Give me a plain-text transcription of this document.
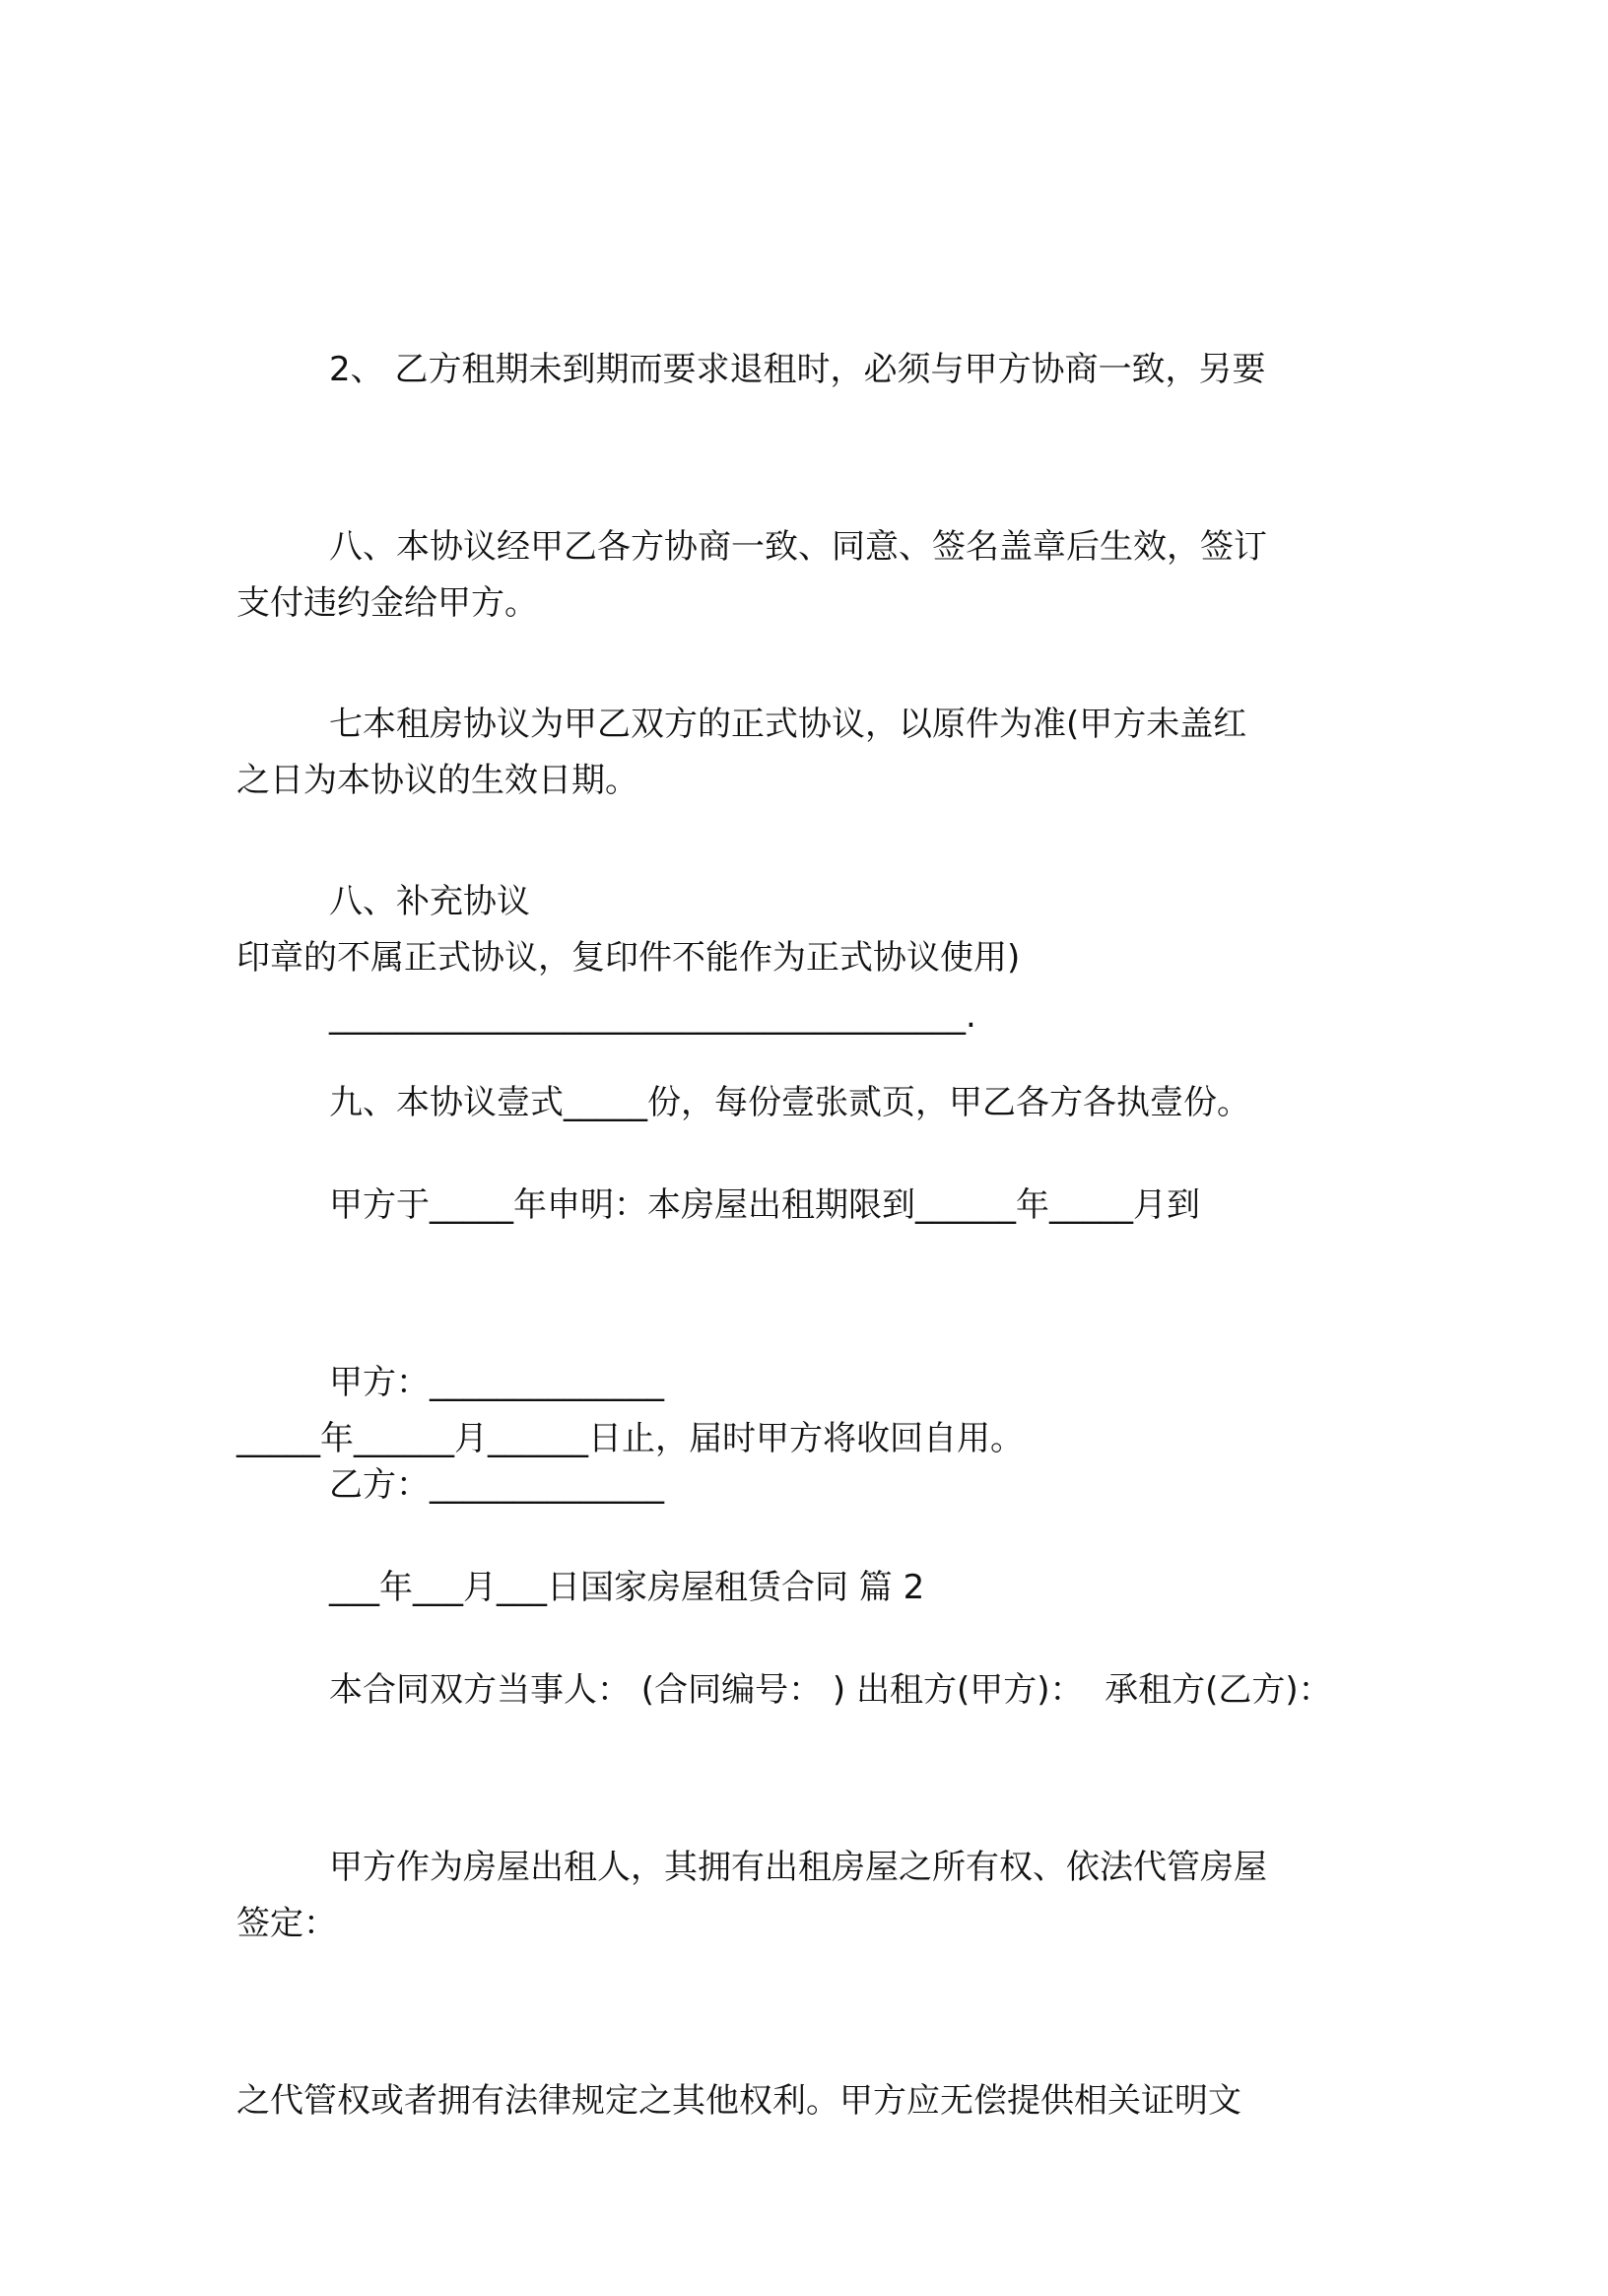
2、 乙方租期未到期而要求退租时，必须与甲方协商一致，另要

支付违约金给甲方。

八、本协议经甲乙各方协商一致、同意、签名盖章后生效，签订

之日为本协议的生效日期。

七本租房协议为甲乙双方的正式协议，以原件为准(甲方未盖红

印章的不属正式协议，复印件不能作为正式协议使用)

八、补充协议

______________________________________.

九、本协议壹式_____份，每份壹张贰页，甲乙各方各执壹份。

甲方于_____年申明：本房屋出租期限到______年_____月到

_____年______月______日止，届时甲方将收回自用。

甲方：______________

乙方：______________

___年___月___日国家房屋租赁合同 篇 2

本合同双方当事人： (合同编号： ) 出租方(甲方)：  承租方(乙方)：

签定：

甲方作为房屋出租人，其拥有出租房屋之所有权、依法代管房屋

之代管权或者拥有法律规定之其他权利。甲方应无偿提供相关证明文
